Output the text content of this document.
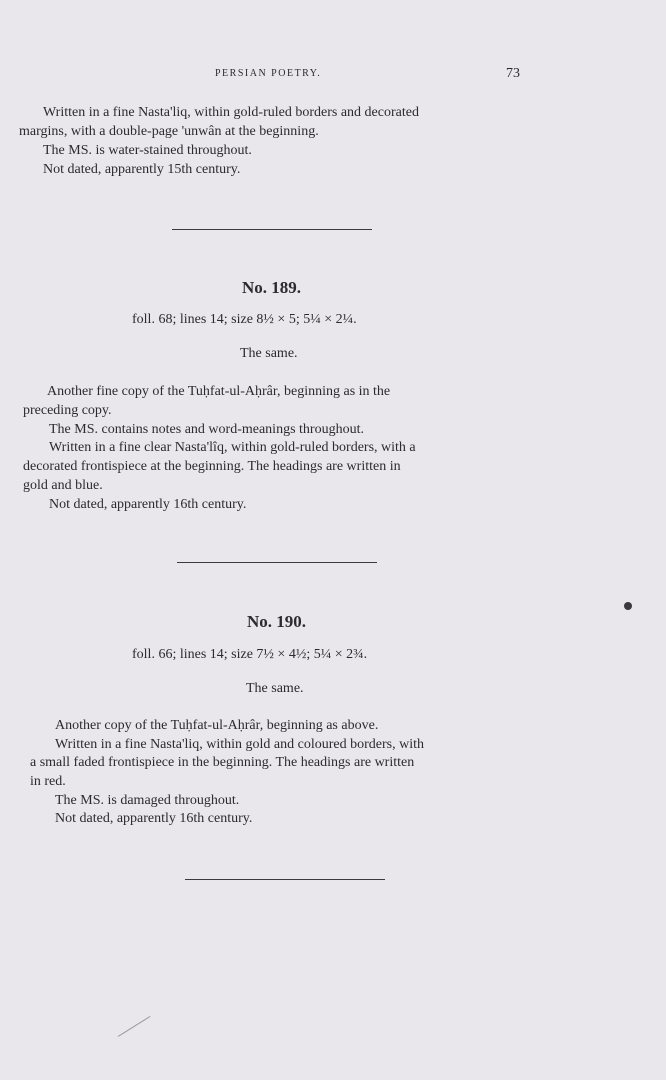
PERSIAN POETRY.	73
Written in a fine Nasta'liq, within gold-ruled borders and decorated
margins, with a double-page 'unwân at the beginning.
The MS. is water-stained throughout.
Not dated, apparently 15th century.
No. 189.
foll. 68; lines 14; size 8½ × 5; 5¼ × 2¼.
The same.
Another fine copy of the Tuḥfat-ul-Aḥrâr, beginning as in the
preceding copy.
The MS. contains notes and word-meanings throughout.
Written in a fine clear Nasta'lîq, within gold-ruled borders, with a
decorated frontispiece at the beginning. The headings are written in
gold and blue.
Not dated, apparently 16th century.
No. 190.
foll. 66; lines 14; size 7½ × 4½; 5¼ × 2¾.
The same.
Another copy of the Tuḥfat-ul-Aḥrâr, beginning as above.
Written in a fine Nasta'liq, within gold and coloured borders, with
a small faded frontispiece in the beginning. The headings are written
in red.
The MS. is damaged throughout.
Not dated, apparently 16th century.
